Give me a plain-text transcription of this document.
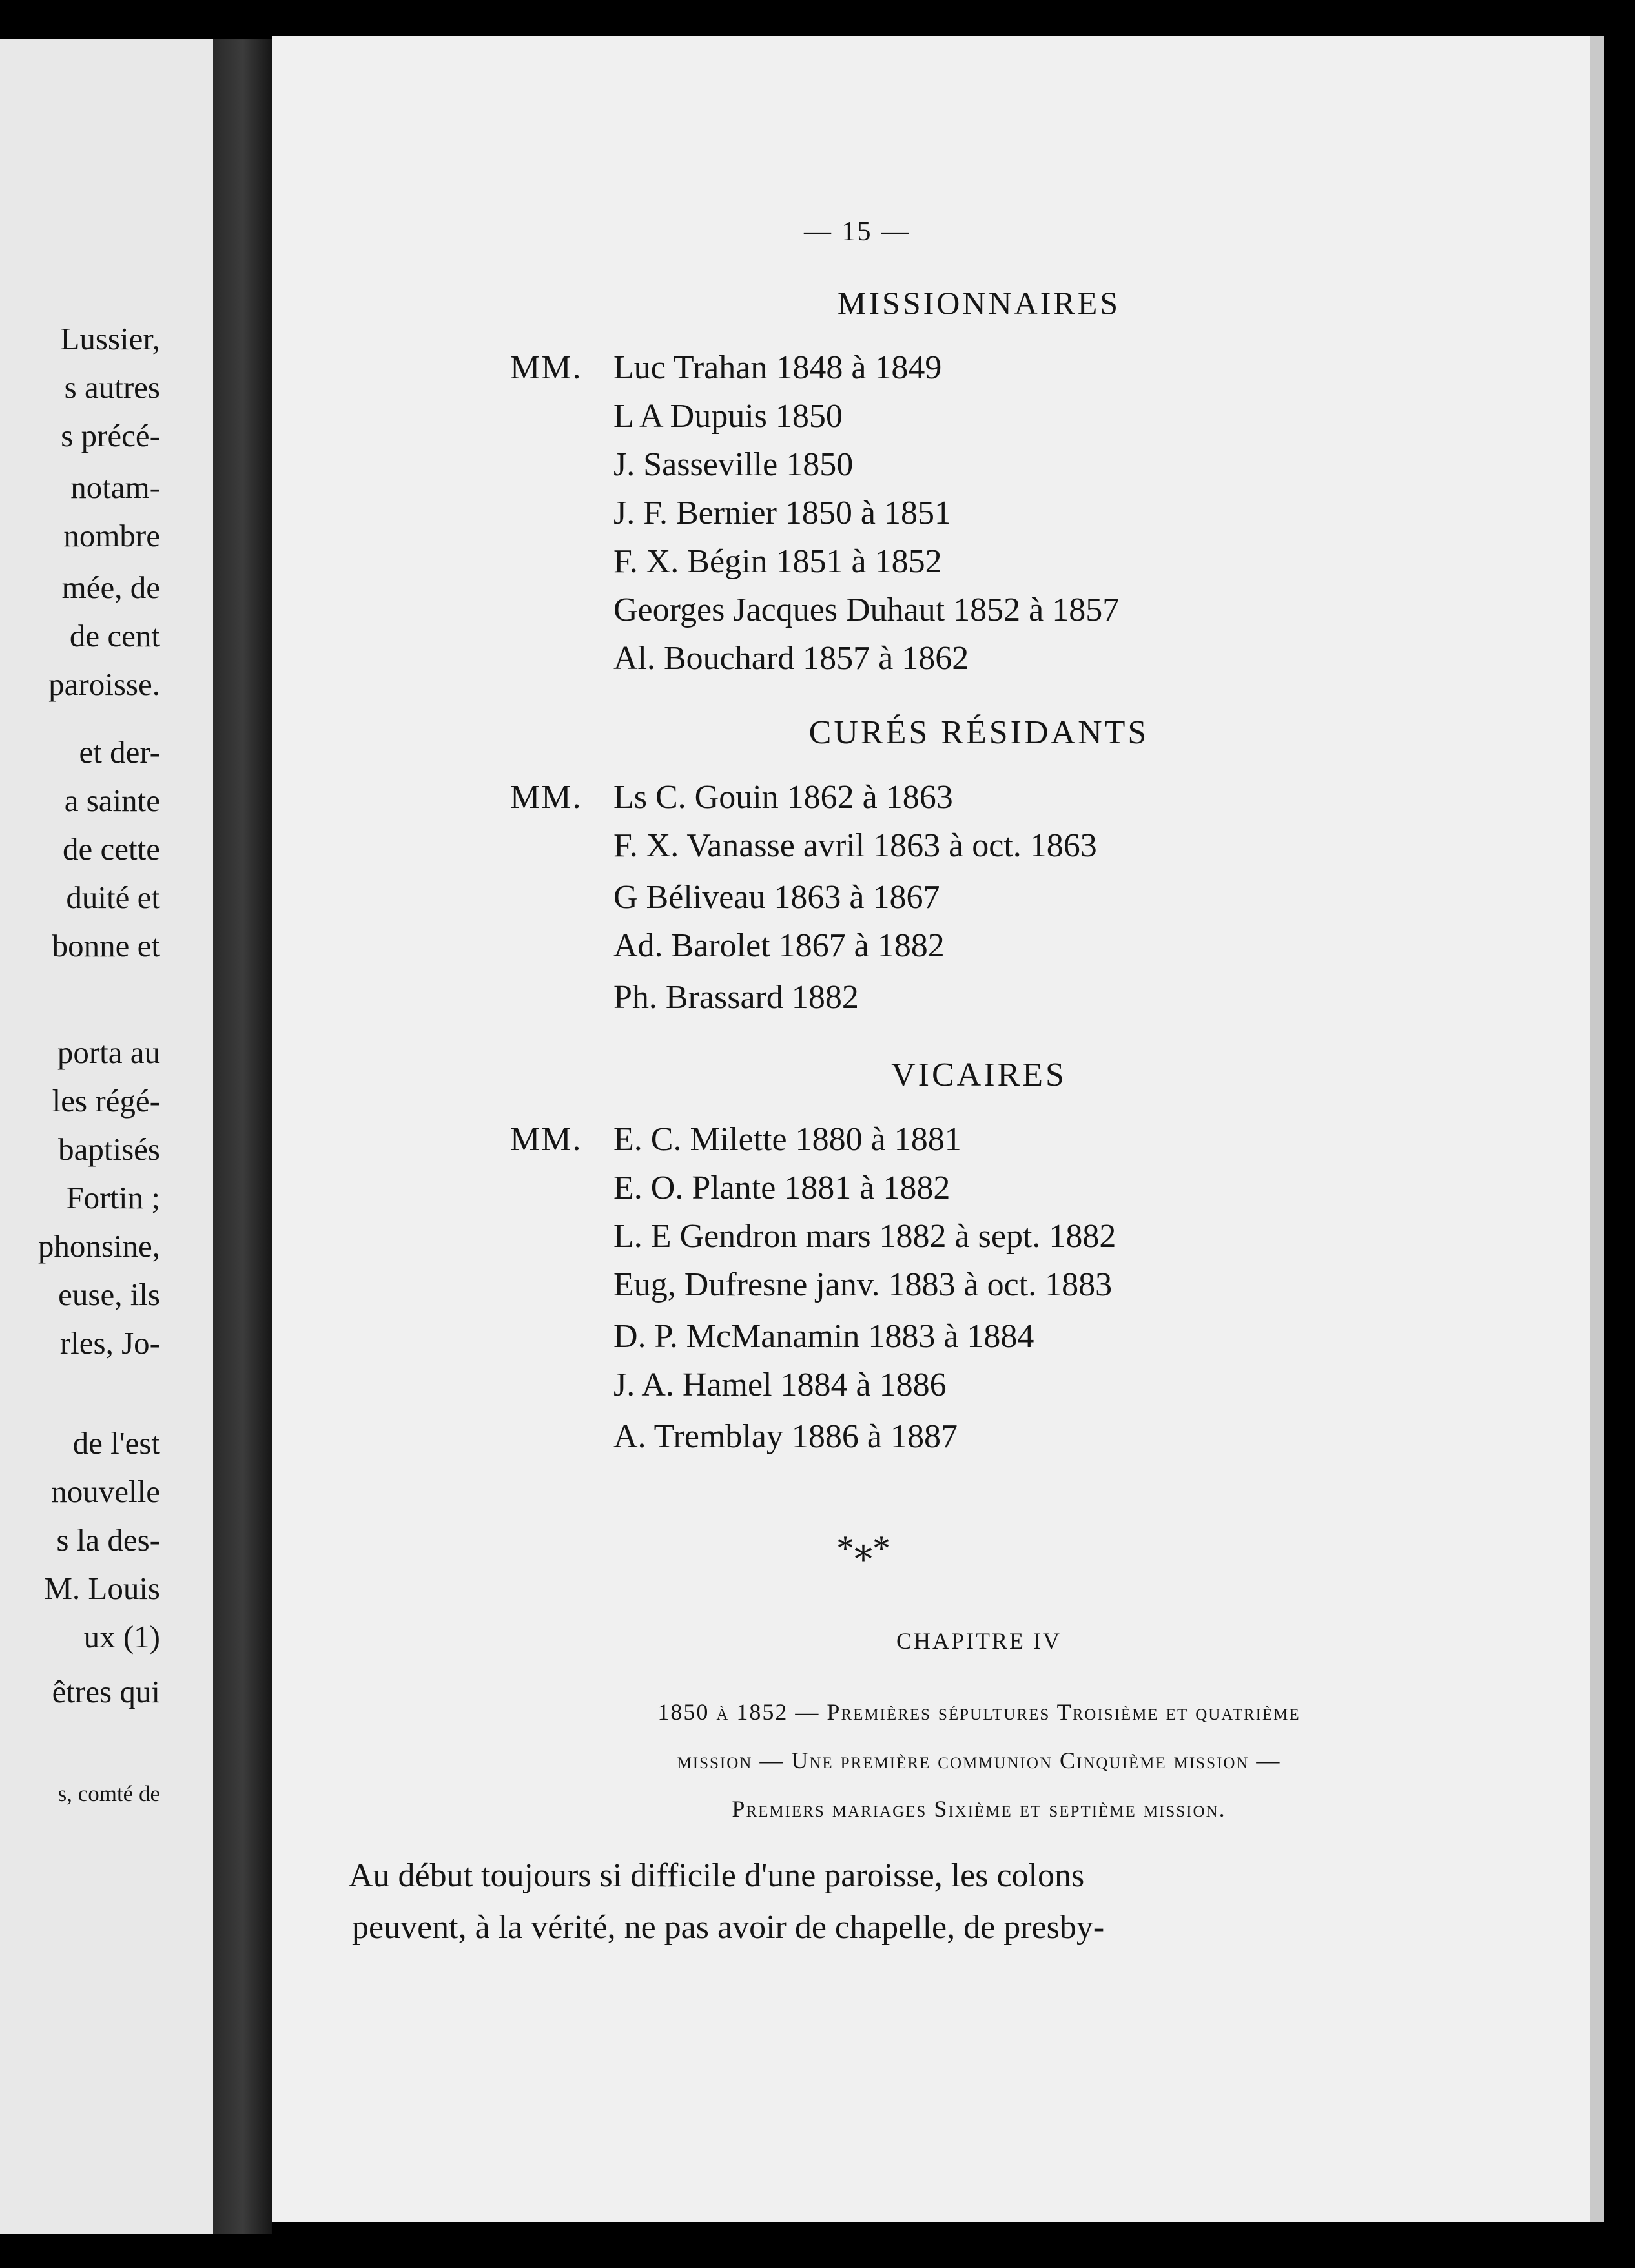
Lussier,
s autres
s précé-
notam-
nombre
mée, de
de cent
paroisse.
et der-
a sainte
de cette
duité et
bonne et
porta au
les régé-
baptisés
Fortin ;
phonsine,
euse, ils
rles, Jo-
de l'est
nouvelle
s la des-
M. Louis
ux (1)
êtres qui
s, comté de
— 15 —
MISSIONNAIRES
MM. Luc Trahan 1848 à 1849
L A Dupuis 1850
J. Sasseville 1850
J. F. Bernier 1850 à 1851
F. X. Bégin 1851 à 1852
Georges Jacques Duhaut 1852 à 1857
Al. Bouchard 1857 à 1862
CURÉS RÉSIDANTS
MM. Ls C. Gouin 1862 à 1863
F. X. Vanasse avril 1863 à oct. 1863
G Béliveau 1863 à 1867
Ad. Barolet 1867 à 1882
Ph. Brassard 1882
VICAIRES
MM. E. C. Milette 1880 à 1881
E. O. Plante 1881 à 1882
L. E Gendron mars 1882 à sept. 1882
Eug, Dufresne janv. 1883 à oct. 1883
D. P. McManamin 1883 à 1884
J. A. Hamel 1884 à 1886
A. Tremblay 1886 à 1887
*⁎*
CHAPITRE IV
1850 à 1852 — Premières sépultures Troisième et quatrième
mission — Une première communion Cinquième mission —
Premiers mariages Sixième et septième mission.
Au début toujours si difficile d'une paroisse, les colons
peuvent, à la vérité, ne pas avoir de chapelle, de presby-
